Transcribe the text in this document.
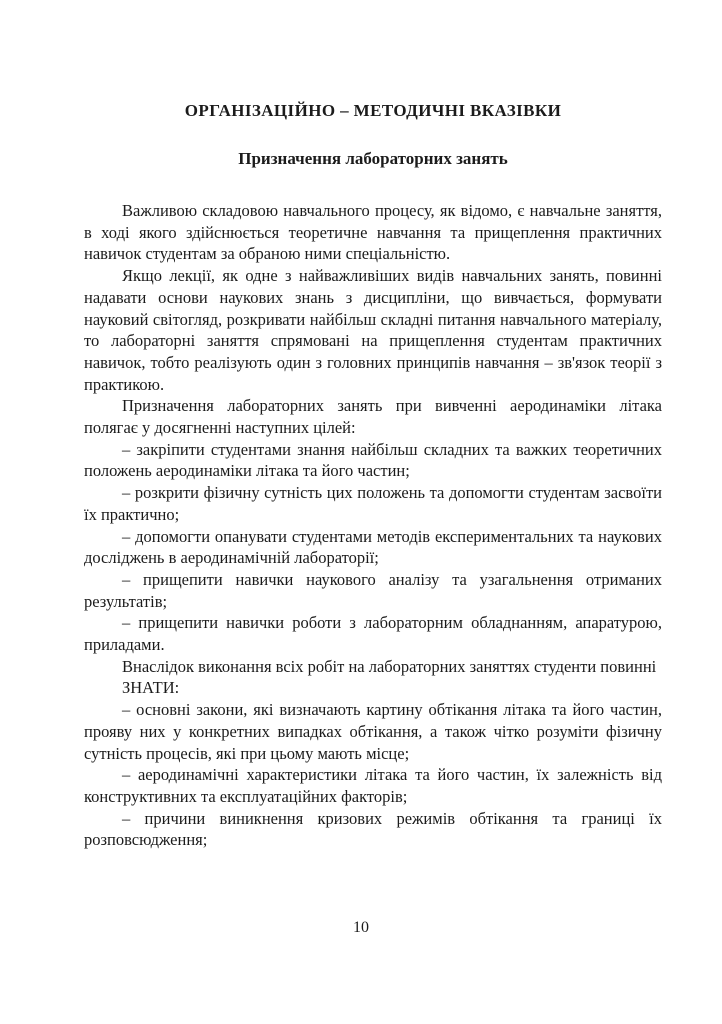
ОРГАНІЗАЦІЙНО – МЕТОДИЧНІ ВКАЗІВКИ
Призначення лабораторних занять

Важливою складовою навчального процесу, як відомо, є навчальне заняття, в ході якого здійснюється теоретичне навчання та прищеплення практичних навичок студентам за обраною ними спеціальністю.

Якщо лекції, як одне з найважливіших видів навчальних занять, повинні надавати основи наукових знань з дисципліни, що вивчається, формувати науковий світогляд, розкривати найбільш складні питання навчального матеріалу, то лабораторні заняття спрямовані на прищеплення студентам практичних навичок, тобто реалізують один з головних принципів навчання – зв'язок теорії з практикою.

Призначення лабораторних занять при вивченні аеродинаміки літака полягає у досягненні наступних цілей:

– закріпити студентами знання найбільш складних та важких теоретичних положень аеродинаміки літака та його частин;

– розкрити фізичну сутність цих положень та допомогти студентам засвоїти їх практично;

– допомогти опанувати студентами методів експериментальних та наукових досліджень в аеродинамічній лабораторії;

– прищепити навички наукового аналізу та узагальнення отриманих результатів;

– прищепити навички роботи з лабораторним обладнанням, апаратурою, приладами.

Внаслідок виконання всіх робіт на лабораторних заняттях студенти повинні

ЗНАТИ:

– основні закони, які визначають картину обтікання літака та його частин, прояву них у конкретних випадках обтікання, а також чітко розуміти фізичну сутність процесів, які при цьому мають місце;

– аеродинамічні характеристики літака та його частин, їх залежність від конструктивних та експлуатаційних факторів;

– причини виникнення кризових режимів обтікання та границі їх розповсюдження;

10
